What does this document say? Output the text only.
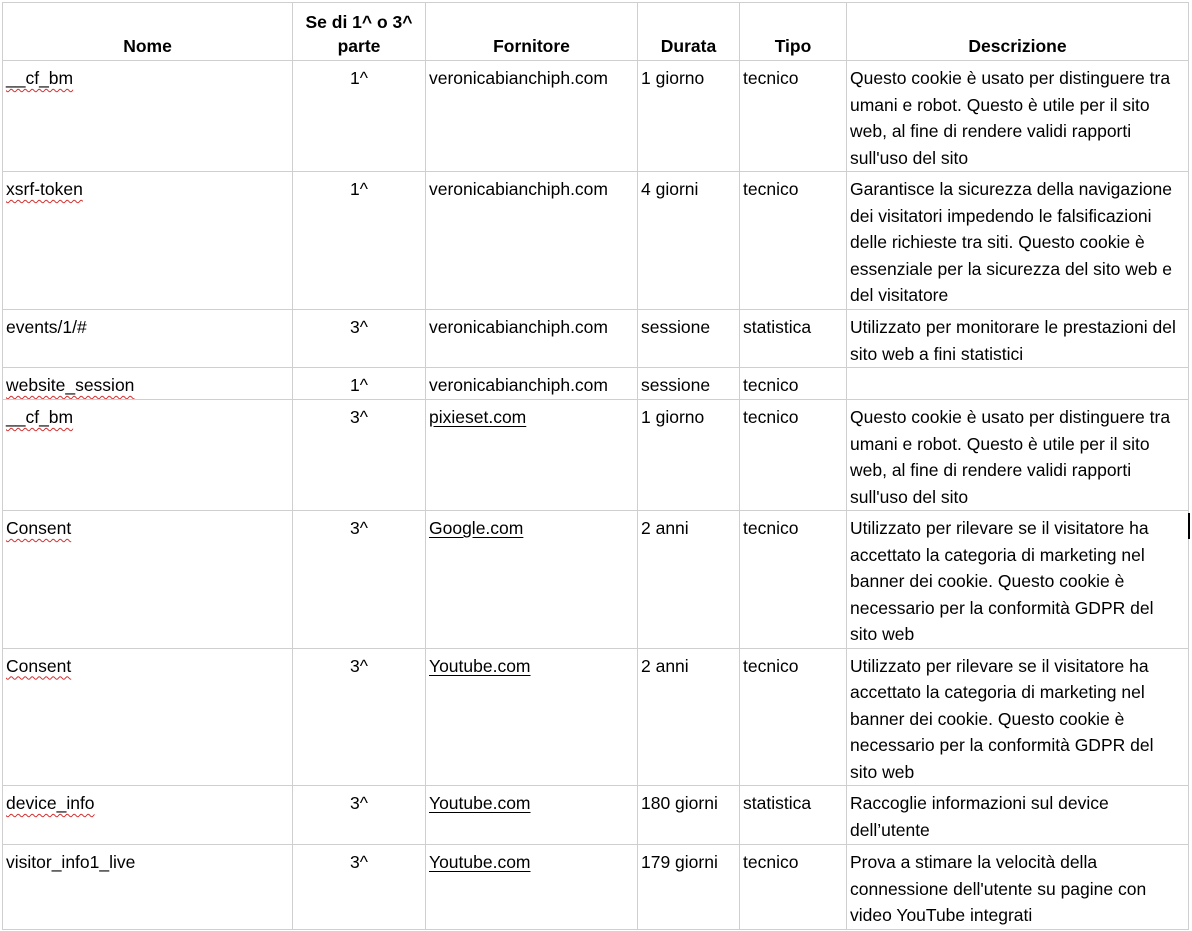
Nome	Se di 1^ o 3^ parte	Fornitore	Durata	Tipo	Descrizione
__cf_bm	1^	veronicabianchiph.com	1 giorno	tecnico	Questo cookie è usato per distinguere tra umani e robot. Questo è utile per il sito web, al fine di rendere validi rapporti sull'uso del sito
xsrf-token	1^	veronicabianchiph.com	4 giorni	tecnico	Garantisce la sicurezza della navigazione dei visitatori impedendo le falsificazioni delle richieste tra siti. Questo cookie è essenziale per la sicurezza del sito web e del visitatore
events/1/#	3^	veronicabianchiph.com	sessione	statistica	Utilizzato per monitorare le prestazioni del sito web a fini statistici
website_session	1^	veronicabianchiph.com	sessione	tecnico	
__cf_bm	3^	pixieset.com	1 giorno	tecnico	Questo cookie è usato per distinguere tra umani e robot. Questo è utile per il sito web, al fine di rendere validi rapporti sull'uso del sito
Consent	3^	Google.com	2 anni	tecnico	Utilizzato per rilevare se il visitatore ha accettato la categoria di marketing nel banner dei cookie. Questo cookie è necessario per la conformità GDPR del sito web
Consent	3^	Youtube.com	2 anni	tecnico	Utilizzato per rilevare se il visitatore ha accettato la categoria di marketing nel banner dei cookie. Questo cookie è necessario per la conformità GDPR del sito web
device_info	3^	Youtube.com	180 giorni	statistica	Raccoglie informazioni sul device dell’utente
visitor_info1_live	3^	Youtube.com	179 giorni	tecnico	Prova a stimare la velocità della connessione dell'utente su pagine con video YouTube integrati
